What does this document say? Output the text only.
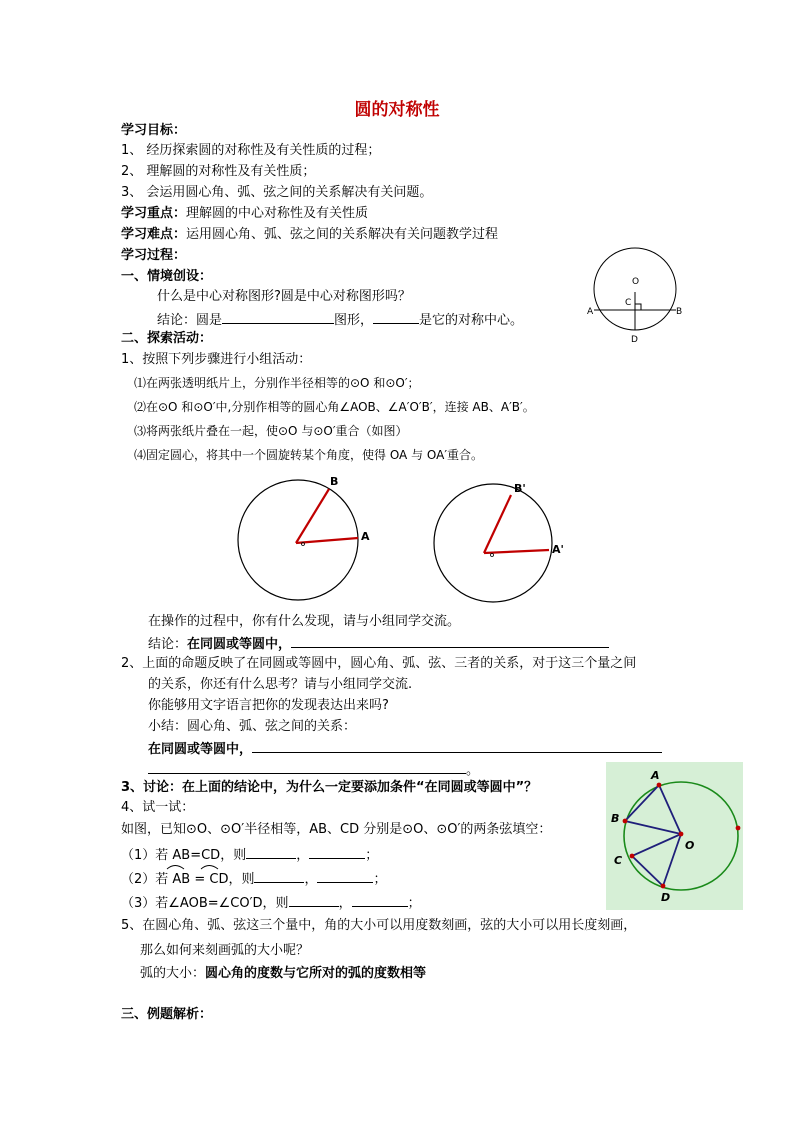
圆的对称性
学习目标：
1、 经历探索圆的对称性及有关性质的过程；
2、 理解圆的对称性及有关性质；
3、 会运用圆心角、弧、弦之间的关系解决有关问题。
学习重点：理解圆的中心对称性及有关性质
学习难点：运用圆心角、弧、弦之间的关系解决有关问题教学过程
学习过程：
一、情境创设：
什么是中心对称图形?圆是中心对称图形吗？
结论：圆是	图形，	是它的对称中心。
O
C
A	B
D
二、探索活动：
1、按照下列步骤进行小组活动：
⑴在两张透明纸片上，分别作半径相等的⊙O 和⊙O′；
⑵在⊙O 和⊙O′中,分别作相等的圆心角∠AOB、∠A′O′B′，连接 AB、A′B′。
⑶将两张纸片叠在一起，使⊙O 与⊙O′重合（如图）
⑷固定圆心，将其中一个圆旋转某个角度，使得 OA 与 OA′重合。
B
A
B'
A'
在操作的过程中，你有什么发现，请与小组同学交流。
结论：在同圆或等圆中，
2、上面的命题反映了在同圆或等圆中，圆心角、弧、弦、三者的关系，对于这三个量之间
的关系，你还有什么思考？请与小组同学交流.
你能够用文字语言把你的发现表达出来吗?
小结：圆心角、弧、弦之间的关系：
在同圆或等圆中，
。
3、讨论：在上面的结论中，为什么一定要添加条件“在同圆或等圆中”？
4、试一试：
如图，已知⊙O、⊙O′半径相等，AB、CD 分别是⊙O、⊙O′的两条弦填空：
（1）若 AB=CD，则	，	；
（2）若 AB = CD，则	，	；
（3）若∠AOB=∠CO′D，则	，	；
A
B
C
D
O
5、在圆心角、弧、弦这三个量中，角的大小可以用度数刻画，弦的大小可以用长度刻画，
那么如何来刻画弧的大小呢？
弧的大小：圆心角的度数与它所对的弧的度数相等
三、例题解析：
